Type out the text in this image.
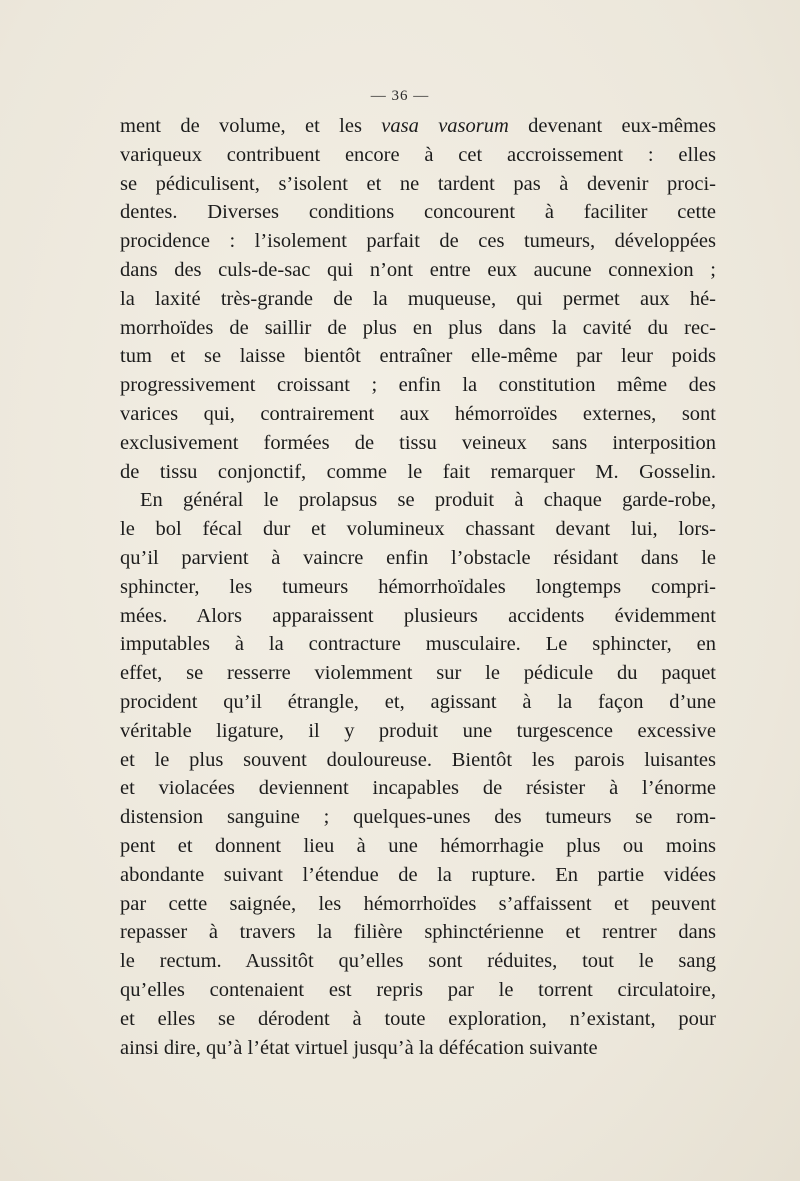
— 36 —
ment de volume, et les vasa vasorum devenant eux-mêmes
variqueux contribuent encore à cet accroissement : elles
se pédiculisent, s’isolent et ne tardent pas à devenir proci-
dentes. Diverses conditions concourent à faciliter cette
procidence : l’isolement parfait de ces tumeurs, développées
dans des culs-de-sac qui n’ont entre eux aucune connexion ;
la laxité très-grande de la muqueuse, qui permet aux hé-
morrhoïdes de saillir de plus en plus dans la cavité du rec-
tum et se laisse bientôt entraîner elle-même par leur poids
progressivement croissant ; enfin la constitution même des
varices qui, contrairement aux hémorroïdes externes, sont
exclusivement formées de tissu veineux sans interposition
de tissu conjonctif, comme le fait remarquer M. Gosselin.
En général le prolapsus se produit à chaque garde-robe,
le bol fécal dur et volumineux chassant devant lui, lors-
qu’il parvient à vaincre enfin l’obstacle résidant dans le
sphincter, les tumeurs hémorrhoïdales longtemps compri-
mées. Alors apparaissent plusieurs accidents évidemment
imputables à la contracture musculaire. Le sphincter, en
effet, se resserre violemment sur le pédicule du paquet
procident qu’il étrangle, et, agissant à la façon d’une
véritable ligature, il y produit une turgescence excessive
et le plus souvent douloureuse. Bientôt les parois luisantes
et violacées deviennent incapables de résister à l’énorme
distension sanguine ; quelques-unes des tumeurs se rom-
pent et donnent lieu à une hémorrhagie plus ou moins
abondante suivant l’étendue de la rupture. En partie vidées
par cette saignée, les hémorrhoïdes s’affaissent et peuvent
repasser à travers la filière sphinctérienne et rentrer dans
le rectum. Aussitôt qu’elles sont réduites, tout le sang
qu’elles contenaient est repris par le torrent circulatoire,
et elles se dérodent à toute exploration, n’existant, pour
ainsi dire, qu’à l’état virtuel jusqu’à la défécation suivante
